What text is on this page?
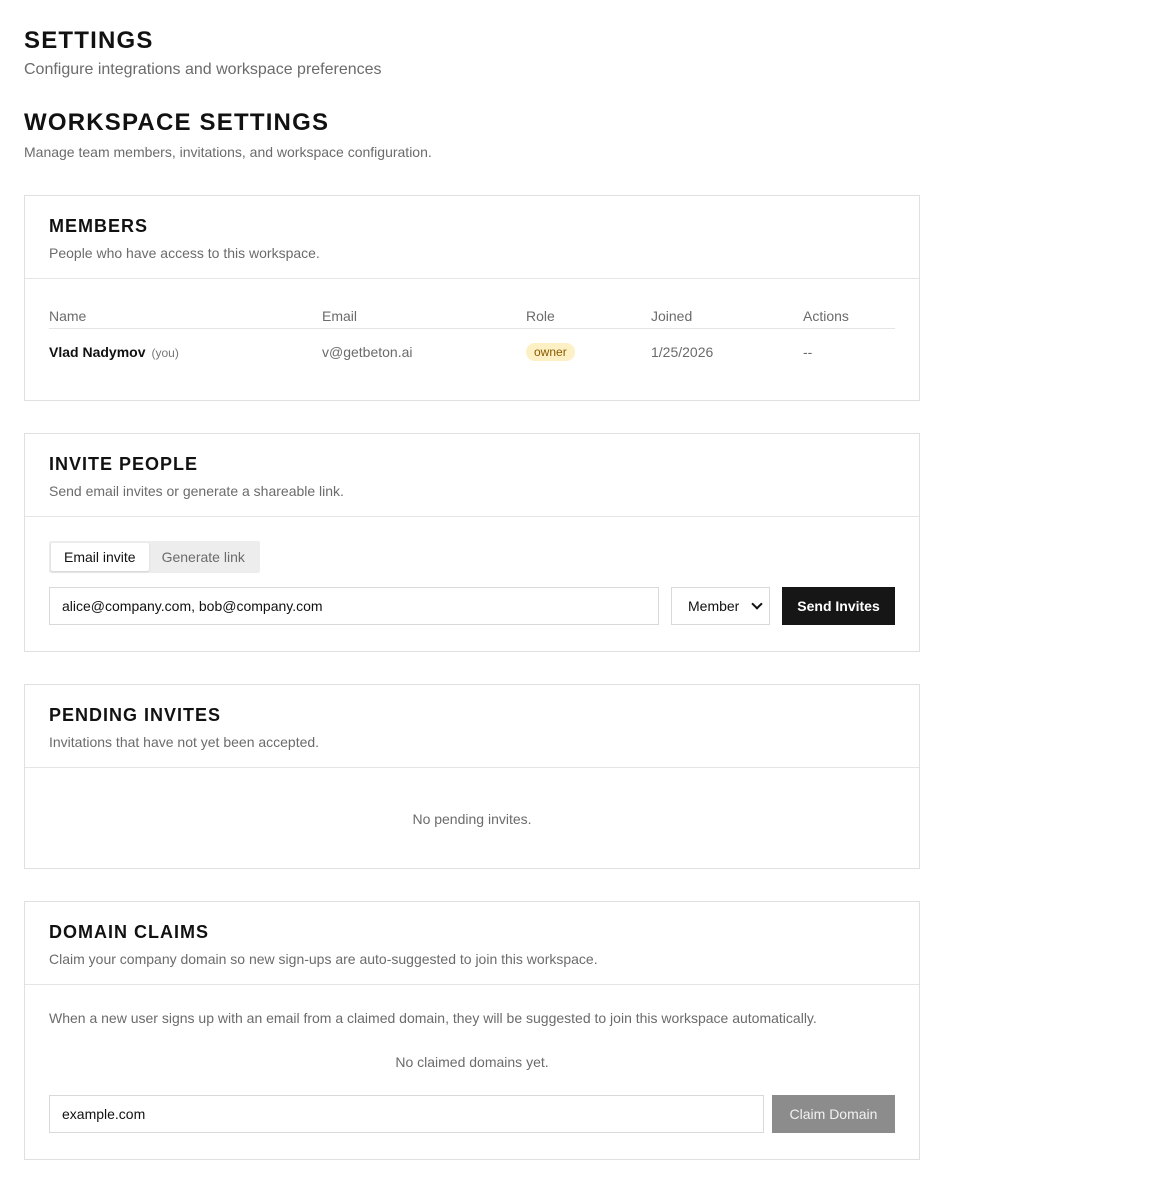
SETTINGS

Configure integrations and workspace preferences

WORKSPACE SETTINGS

Manage team members, invitations, and workspace configuration.

MEMBERS

People who have access to this workspace.

Name	Email	Role	Joined	Actions
Vlad Nadymov (you)	v@getbeton.ai	owner	1/25/2026	--
INVITE PEOPLE

Send email invites or generate a shareable link.

Email invite	Generate link
alice@company.com, bob@company.com
Member	Send Invites
PENDING INVITES

Invitations that have not yet been accepted.

No pending invites.

DOMAIN CLAIMS

Claim your company domain so new sign-ups are auto-suggested to join this workspace.

When a new user signs up with an email from a claimed domain, they will be suggested to join this workspace automatically.

No claimed domains yet.

example.com
Claim Domain
